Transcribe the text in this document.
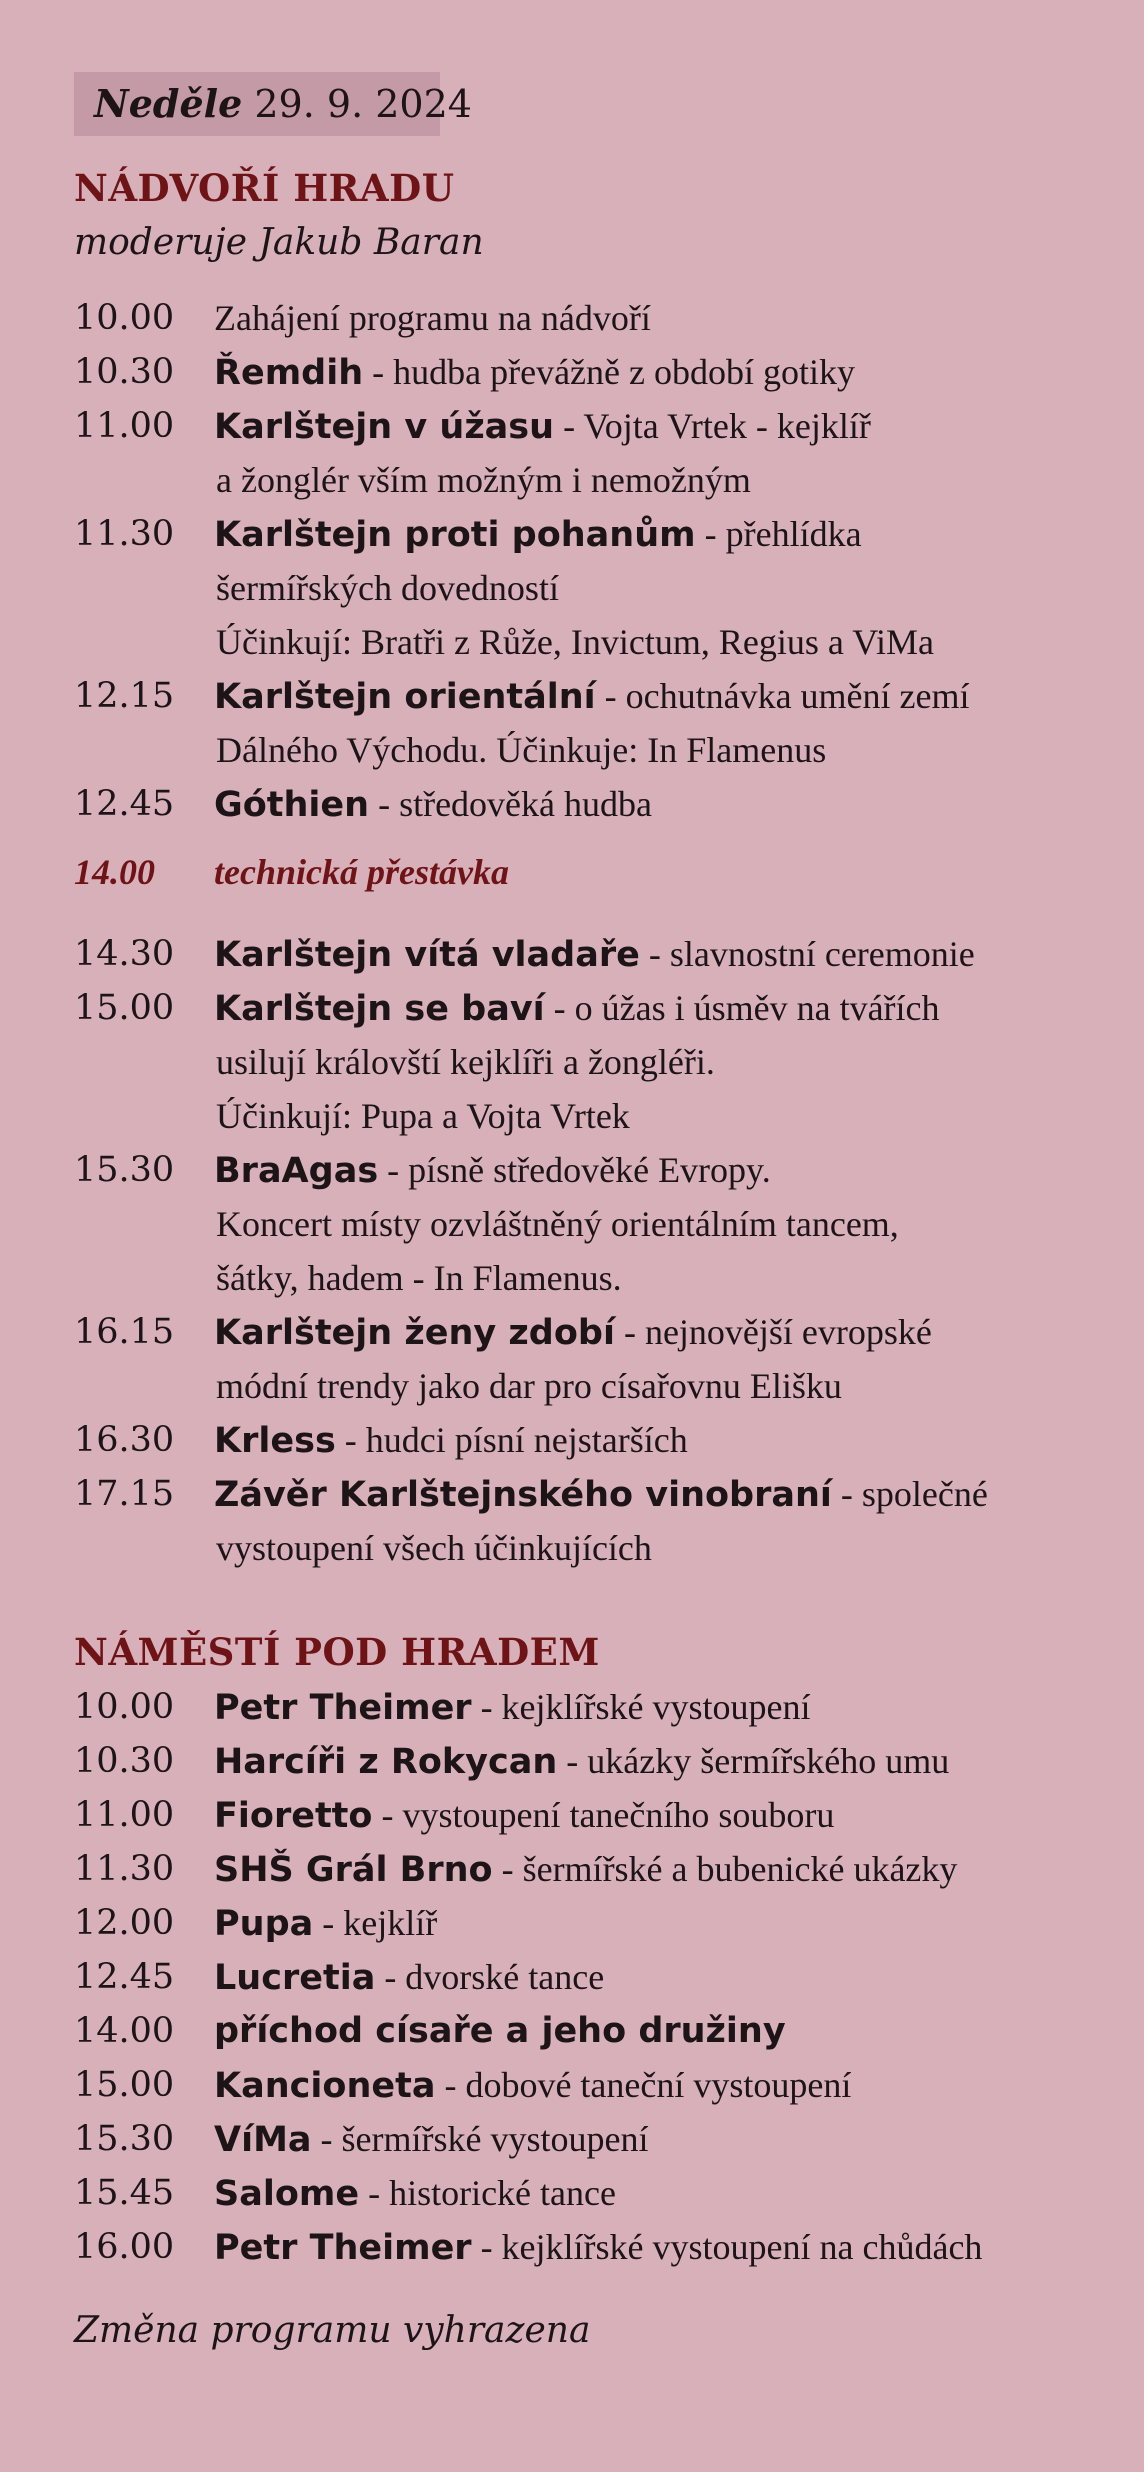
Neděle 29. 9. 2024
NÁDVOŘÍ HRADU
moderuje Jakub Baran
10.00 Zahájení programu na nádvoří
10.30 Řemdih - hudba převážně z období gotiky
11.00 Karlštejn v úžasu - Vojta Vrtek - kejklíř
a žonglér vším možným i nemožným
11.30 Karlštejn proti pohanům - přehlídka
šermířských dovedností
Účinkují: Bratři z Růže, Invictum, Regius a ViMa
12.15 Karlštejn orientální - ochutnávka umění zemí
Dálného Východu. Účinkuje: In Flamenus
12.45 Góthien - středověká hudba
14.00 technická přestávka
14.30 Karlštejn vítá vladaře - slavnostní ceremonie
15.00 Karlštejn se baví - o úžas i úsměv na tvářích
usilují královští kejklíři a žongléři.
Účinkují: Pupa a Vojta Vrtek
15.30 BraAgas - písně středověké Evropy.
Koncert místy ozvláštněný orientálním tancem,
šátky, hadem - In Flamenus.
16.15 Karlštejn ženy zdobí - nejnovější evropské
módní trendy jako dar pro císařovnu Elišku
16.30 Krless - hudci písní nejstarších
17.15 Závěr Karlštejnského vinobraní - společné
vystoupení všech účinkujících
NÁMĚSTÍ POD HRADEM
10.00 Petr Theimer - kejklířské vystoupení
10.30 Harcíři z Rokycan - ukázky šermířského umu
11.00 Fioretto - vystoupení tanečního souboru
11.30 SHŠ Grál Brno - šermířské a bubenické ukázky
12.00 Pupa - kejklíř
12.45 Lucretia - dvorské tance
14.00 příchod císaře a jeho družiny
15.00 Kancioneta - dobové taneční vystoupení
15.30 VíMa - šermířské vystoupení
15.45 Salome - historické tance
16.00 Petr Theimer - kejklířské vystoupení na chůdách
Změna programu vyhrazena
